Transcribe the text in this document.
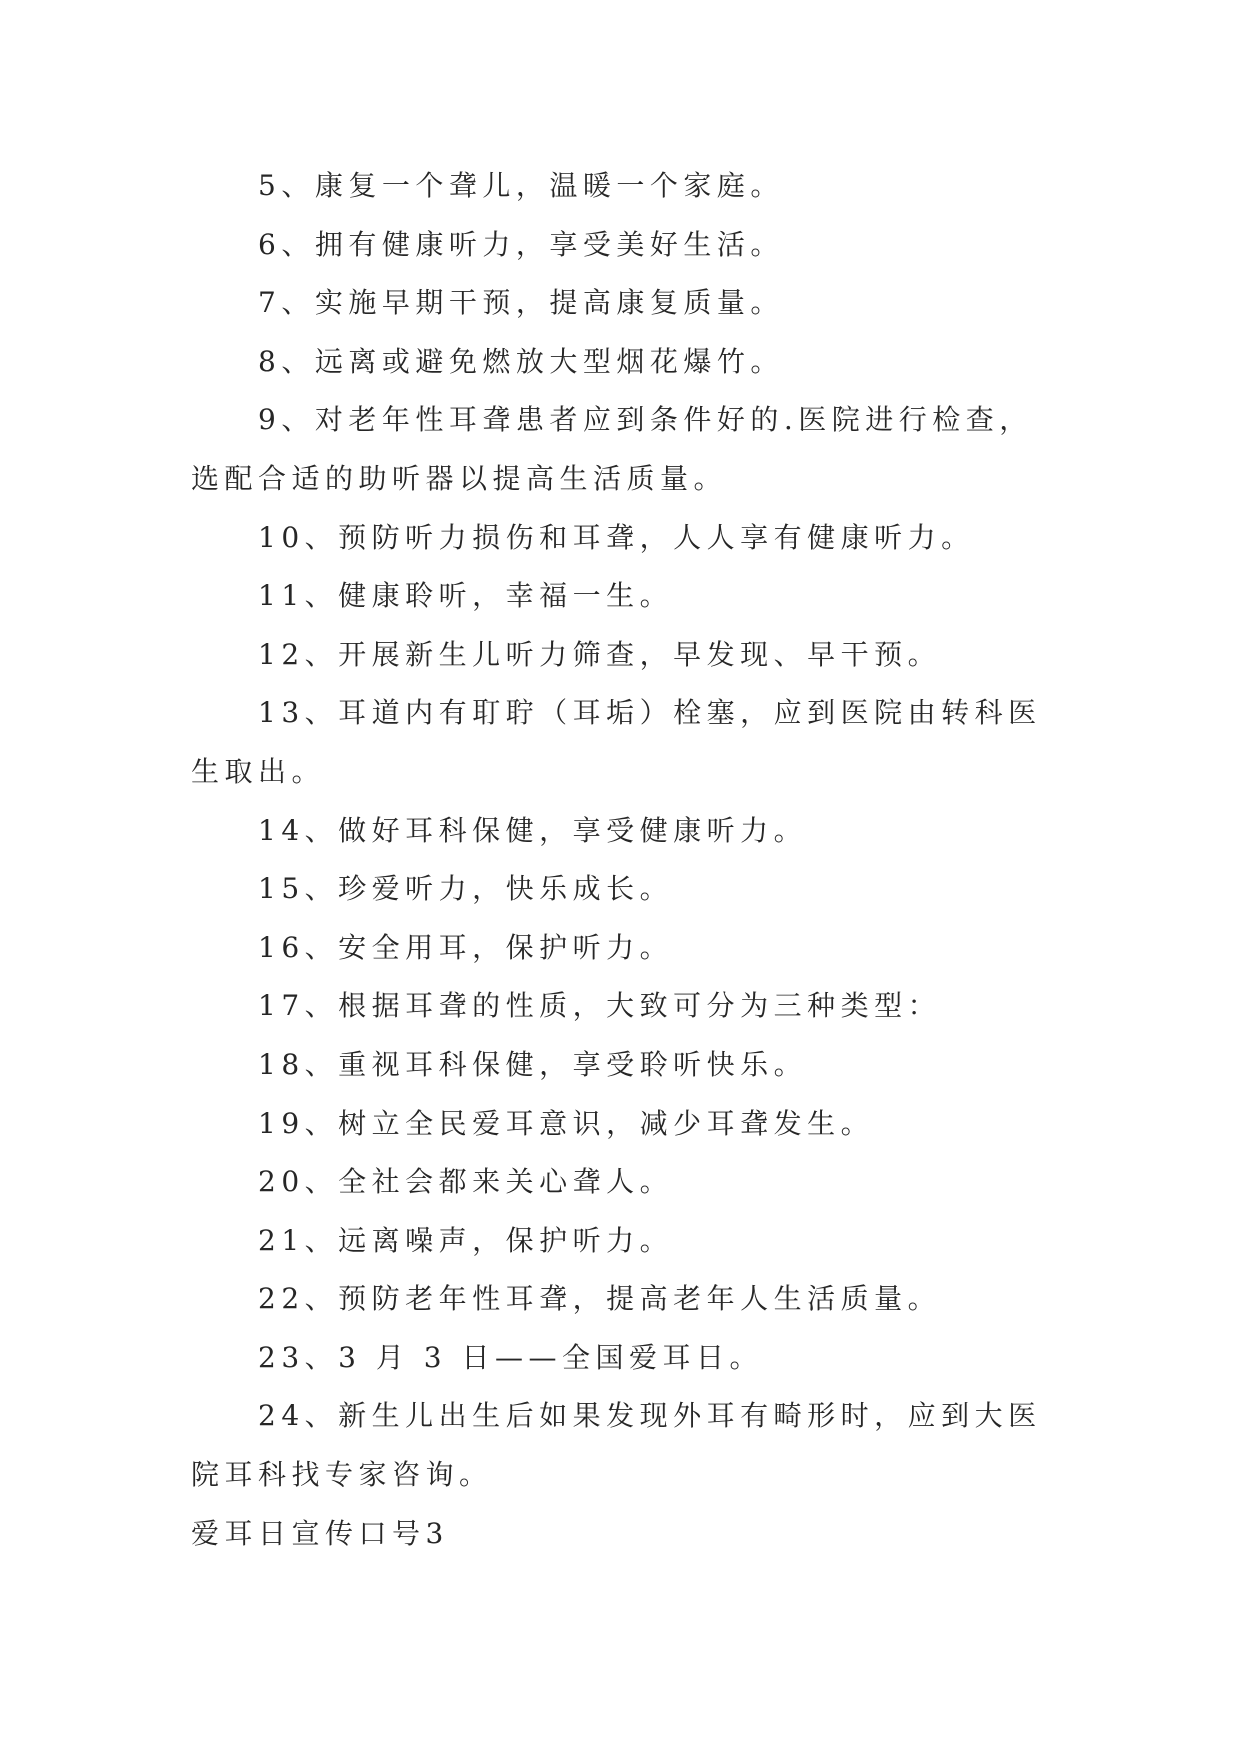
5、康复一个聋儿，温暖一个家庭。

6、拥有健康听力，享受美好生活。

7、实施早期干预，提高康复质量。

8、远离或避免燃放大型烟花爆竹。

9、对老年性耳聋患者应到条件好的.医院进行检查，选配合适的助听器以提高生活质量。

10、预防听力损伤和耳聋，人人享有健康听力。

11、健康聆听，幸福一生。

12、开展新生儿听力筛查，早发现、早干预。

13、耳道内有耵聍（耳垢）栓塞，应到医院由转科医生取出。

14、做好耳科保健，享受健康听力。

15、珍爱听力，快乐成长。

16、安全用耳，保护听力。

17、根据耳聋的性质，大致可分为三种类型：

18、重视耳科保健，享受聆听快乐。

19、树立全民爱耳意识，减少耳聋发生。

20、全社会都来关心聋人。

21、远离噪声，保护听力。

22、预防老年性耳聋，提高老年人生活质量。

23、3 月 3 日——全国爱耳日。

24、新生儿出生后如果发现外耳有畸形时，应到大医院耳科找专家咨询。

爱耳日宣传口号3
